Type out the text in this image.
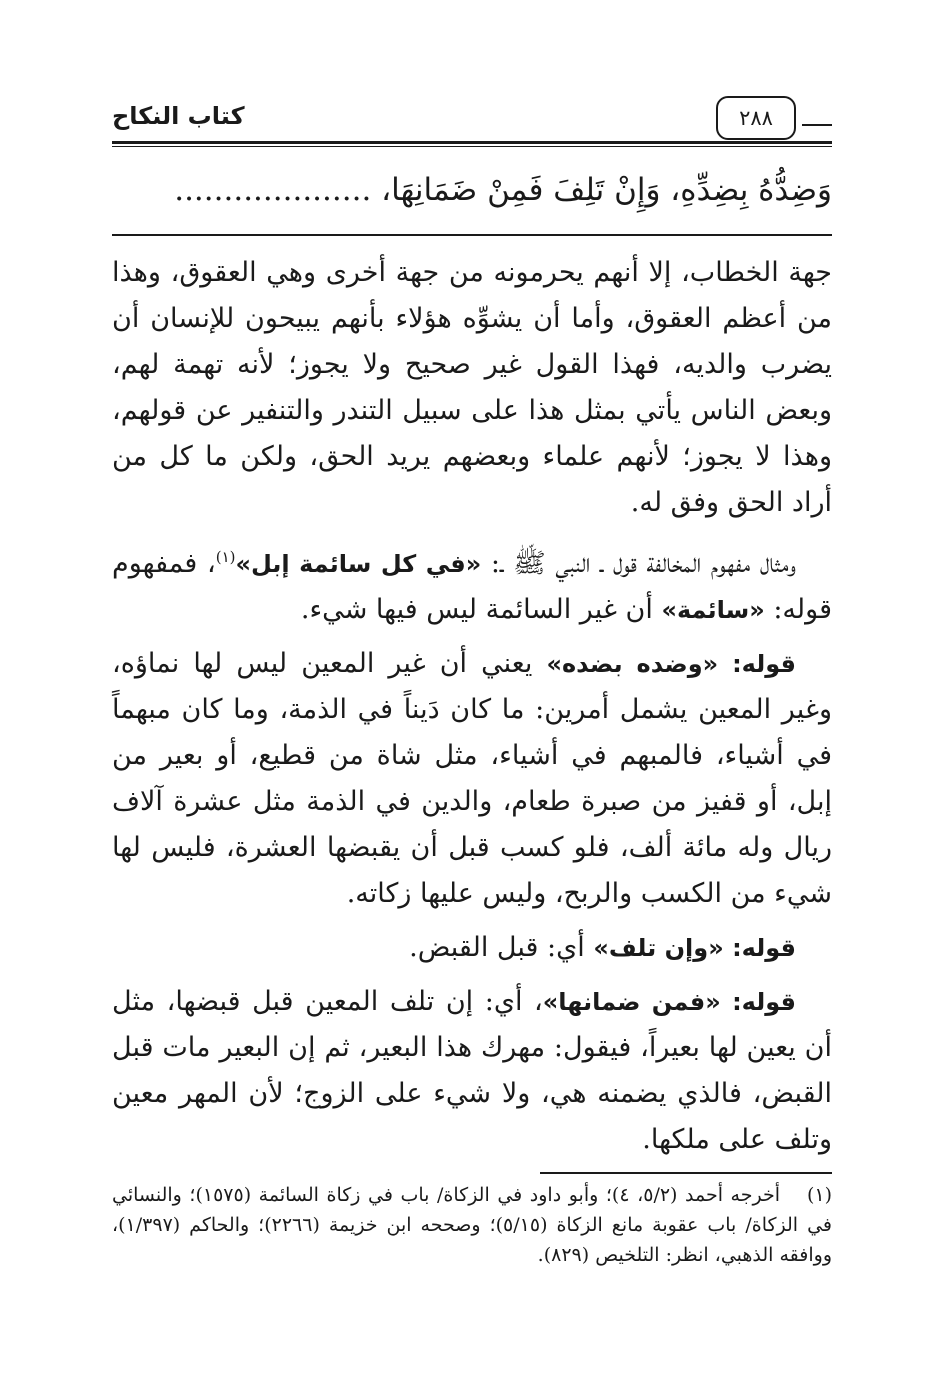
كتاب النكاح	٢٨٨
وَضِدُّهُ بِضِدِّهِ، وَإِنْ تَلِفَ فَمِنْ ضَمَانِهَا، ....................

جهة الخطاب، إلا أنهم يحرمونه من جهة أخرى وهي العقوق، وهذا من أعظم العقوق، وأما أن يشوِّه هؤلاء بأنهم يبيحون للإنسان أن يضرب والديه، فهذا القول غير صحيح ولا يجوز؛ لأنه تهمة لهم، وبعض الناس يأتي بمثل هذا على سبيل التندر والتنفير عن قولهم، وهذا لا يجوز؛ لأنهم علماء وبعضهم يريد الحق، ولكن ما كل من أراد الحق وفق له.

ومثال مفهوم المخالفة قول ـ النبي ﷺ ـ: «في كل سائمة إبل»$^{(١)}$، فمفهوم قوله: «سائمة» أن غير السائمة ليس فيها شيء.

قوله: «وضده بضده» يعني أن غير المعين ليس لها نماؤه، وغير المعين يشمل أمرين: ما كان دَيناً في الذمة، وما كان مبهماً في أشياء، فالمبهم في أشياء، مثل شاة من قطيع، أو بعير من إبل، أو قفيز من صبرة طعام، والدين في الذمة مثل عشرة آلاف ريال وله مائة ألف، فلو كسب قبل أن يقبضها العشرة، فليس لها شيء من الكسب والربح، وليس عليها زكاته.

قوله: «وإن تلف» أي: قبل القبض.

قوله: «فمن ضمانها»، أي: إن تلف المعين قبل قبضها، مثل أن يعين لها بعيراً، فيقول: مهرك هذا البعير، ثم إن البعير مات قبل القبض، فالذي يضمنه هي، ولا شيء على الزوج؛ لأن المهر معين وتلف على ملكها.

(١)أخرجه أحمد (٥/٢، ٤)؛ وأبو داود في الزكاة/ باب في زكاة السائمة (١٥٧٥)؛ والنسائي في الزكاة/ باب عقوبة مانع الزكاة (٥/١٥)؛ وصححه ابن خزيمة (٢٢٦٦)؛ والحاكم (١/٣٩٧)، ووافقه الذهبي، انظر: التلخيص (٨٢٩).
